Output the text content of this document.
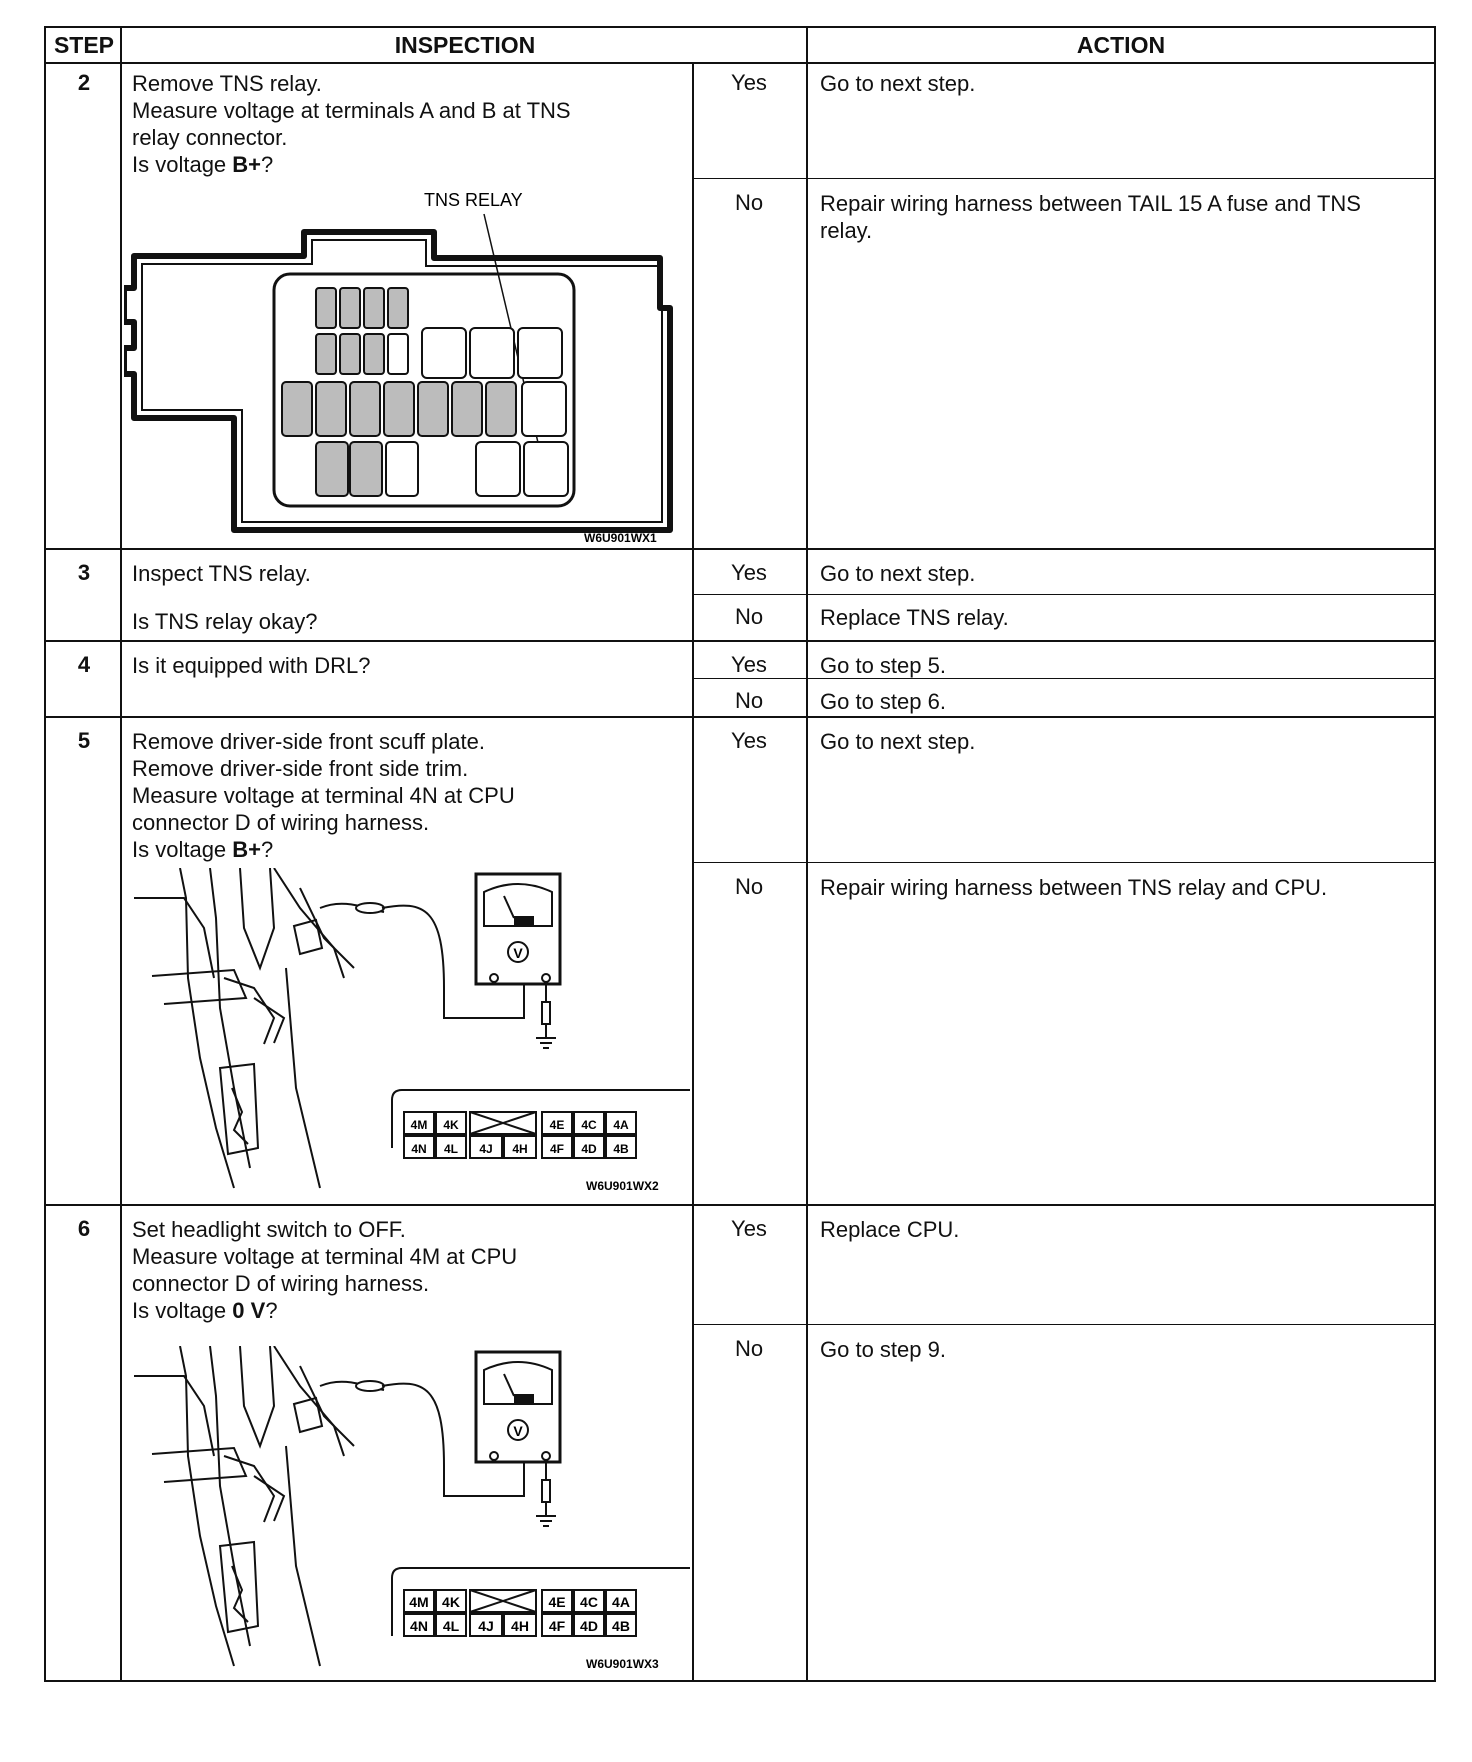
STEP	INSPECTION	ACTION
2	Remove TNS relay.
Measure voltage at terminals A and B at TNS
relay connector.
Is voltage B+?
Yes	Go to next step.
No	Repair wiring harness between TAIL 15 A fuse and TNS
relay.
TNS RELAY
W6U901WX1
3	Inspect TNS relay.
Is TNS relay okay?
Yes	Go to next step.
No	Replace TNS relay.
4	Is it equipped with DRL?	Yes	Go to step 5.
No	Go to step 6.
5	Remove driver-side front scuff plate.
Remove driver-side front side trim.
Measure voltage at terminal 4N at CPU
connector D of wiring harness.
Is voltage B+?
Yes	Go to next step.
No	Repair wiring harness between TNS relay and CPU.
V
4M 4K	4E 4C 4A
4N 4L 4J 4H 4F 4D 4B
W6U901WX2
6	Set headlight switch to OFF.
Measure voltage at terminal 4M at CPU
connector D of wiring harness.
Is voltage 0 V?
Yes	Replace CPU.
No	Go to step 9.
V
4M 4K	4E 4C 4A
4N 4L 4J 4H 4F 4D 4B
W6U901WX3
